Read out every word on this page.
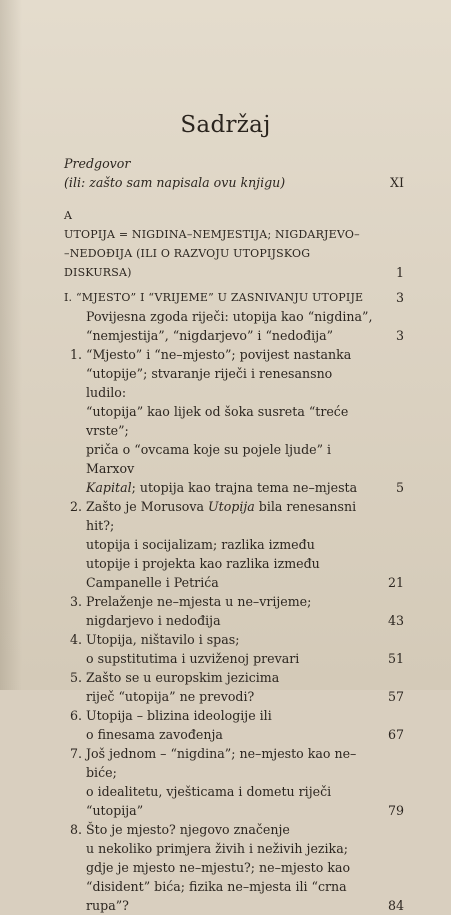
Sadržaj
Predgovor
(ili: zašto sam napisala ovu knjigu)	XI
A
UTOPIJA = NIGDINA–NEMJESTIJA; NIGDARJEVO–
–NEDOĐIJA (ILI O RAZVOJU UTOPIJSKOG DISKURSA)	1
I. “MJESTO” I “VRIJEME” U ZASNIVANJU UTOPIJE	3
Povijesna zgoda riječi: utopija kao “nigdina”,
“nemjestija”, “nigdarjevo” i “nedođija”	3
1. “Mjesto” i “ne–mjesto”; povijest nastanka
“utopije”; stvaranje riječi i renesansno ludilo:
“utopija” kao lijek od šoka susreta “treće vrste”;
priča o “ovcama koje su pojele ljude” i Marxov
Kapital; utopija kao trajna tema ne–mjesta	5
2. Zašto je Morusova Utopija bila renesansni hit?;
utopija i socijalizam; razlika između
utopije i projekta kao razlika između
Campanelle i Petrića	21
3. Prelaženje ne–mjesta u ne–vrijeme;
nigdarjevo i nedođija	43
4. Utopija, ništavilo i spas;
o supstitutima i uzviženoj prevari	51
5. Zašto se u europskim jezicima
riječ “utopija” ne prevodi?	57
6. Utopija – blizina ideologije ili
o finesama zavođenja	67
7. Još jednom – “nigdina”; ne–mjesto kao ne–biće;
o idealitetu, vješticama i dometu riječi “utopija”	79
8. Što je mjesto? njegovo značenje
u nekoliko primjera živih i neživih jezika;
gdje je mjesto ne–mjestu?; ne–mjesto kao
“disident” bića; fizika ne–mjesta ili “crna rupa”?	84
